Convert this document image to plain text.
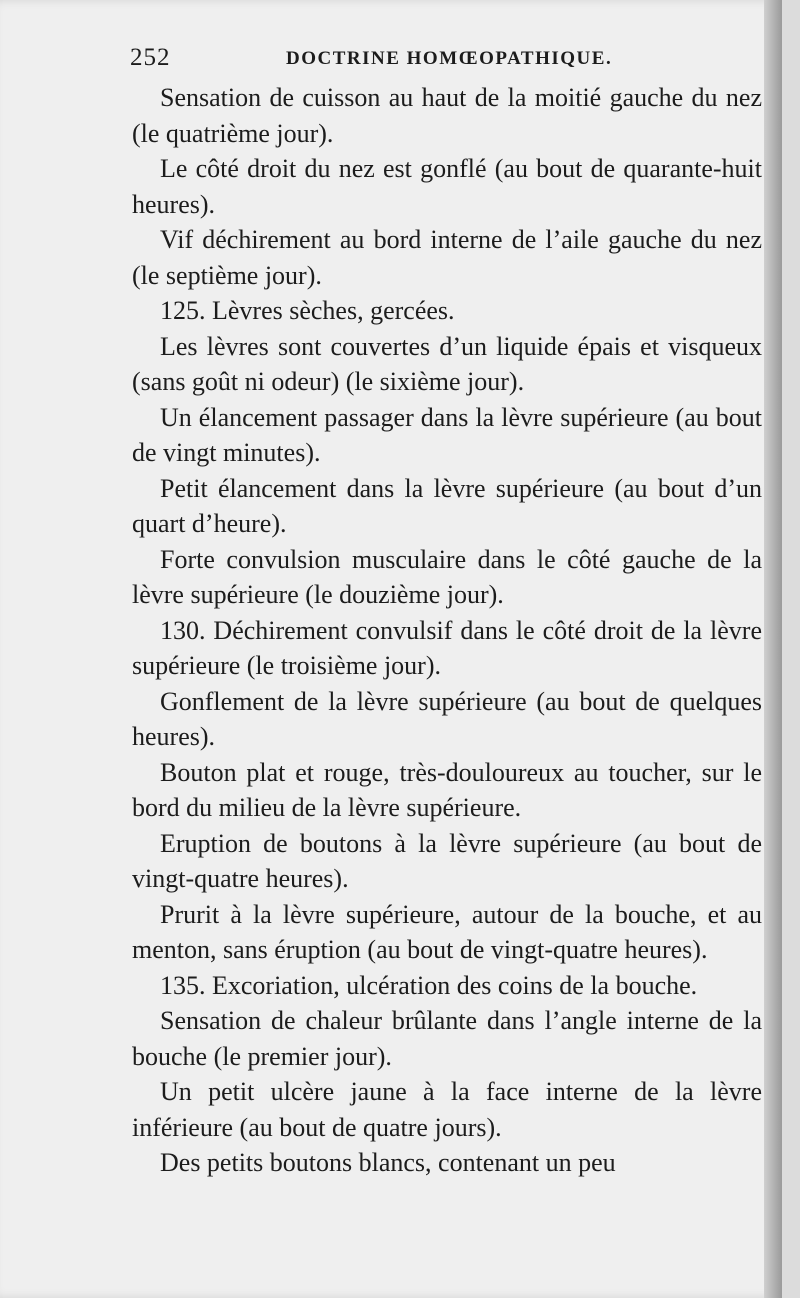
252	DOCTRINE HOMŒOPATHIQUE.

Sensation de cuisson au haut de la moitié gauche du nez (le quatrième jour).

Le côté droit du nez est gonflé (au bout de quarante-huit heures).

Vif déchirement au bord interne de l’aile gauche du nez (le septième jour).

125. Lèvres sèches, gercées.

Les lèvres sont couvertes d’un liquide épais et visqueux (sans goût ni odeur) (le sixième jour).

Un élancement passager dans la lèvre supérieure (au bout de vingt minutes).

Petit élancement dans la lèvre supérieure (au bout d’un quart d’heure).

Forte convulsion musculaire dans le côté gauche de la lèvre supérieure (le douzième jour).

130. Déchirement convulsif dans le côté droit de la lèvre supérieure (le troisième jour).

Gonflement de la lèvre supérieure (au bout de quelques heures).

Bouton plat et rouge, très-douloureux au toucher, sur le bord du milieu de la lèvre supérieure.

Eruption de boutons à la lèvre supérieure (au bout de vingt-quatre heures).

Prurit à la lèvre supérieure, autour de la bouche, et au menton, sans éruption (au bout de vingt-quatre heures).

135. Excoriation, ulcération des coins de la bouche.

Sensation de chaleur brûlante dans l’angle interne de la bouche (le premier jour).

Un petit ulcère jaune à la face interne de la lèvre inférieure (au bout de quatre jours).

Des petits boutons blancs, contenant un peu
